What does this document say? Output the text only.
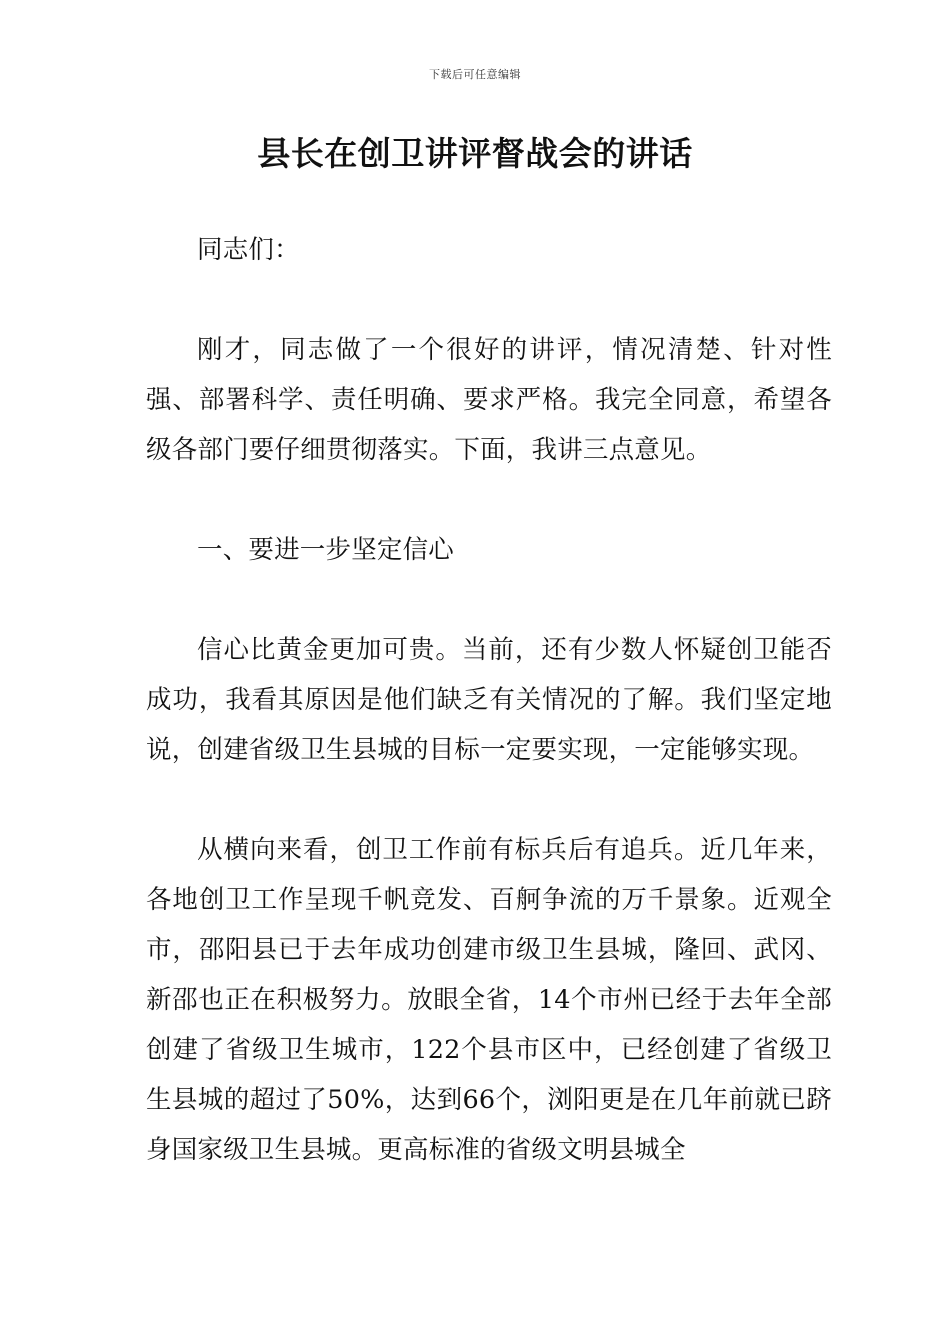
下载后可任意编辑
县长在创卫讲评督战会的讲话

同志们：

刚才，同志做了一个很好的讲评，情况清楚、针对性强、部署科学、责任明确、要求严格。我完全同意，希望各级各部门要仔细贯彻落实。下面，我讲三点意见。

一、要进一步坚定信心

信心比黄金更加可贵。当前，还有少数人怀疑创卫能否成功，我看其原因是他们缺乏有关情况的了解。我们坚定地说，创建省级卫生县城的目标一定要实现，一定能够实现。

从横向来看，创卫工作前有标兵后有追兵。近几年来，各地创卫工作呈现千帆竞发、百舸争流的万千景象。近观全市，邵阳县已于去年成功创建市级卫生县城，隆回、武冈、新邵也正在积极努力。放眼全省，14个市州已经于去年全部创建了省级卫生城市，122个县市区中，已经创建了省级卫生县城的超过了50%，达到66个，浏阳更是在几年前就已跻身国家级卫生县城。更高标准的省级文明县城全
